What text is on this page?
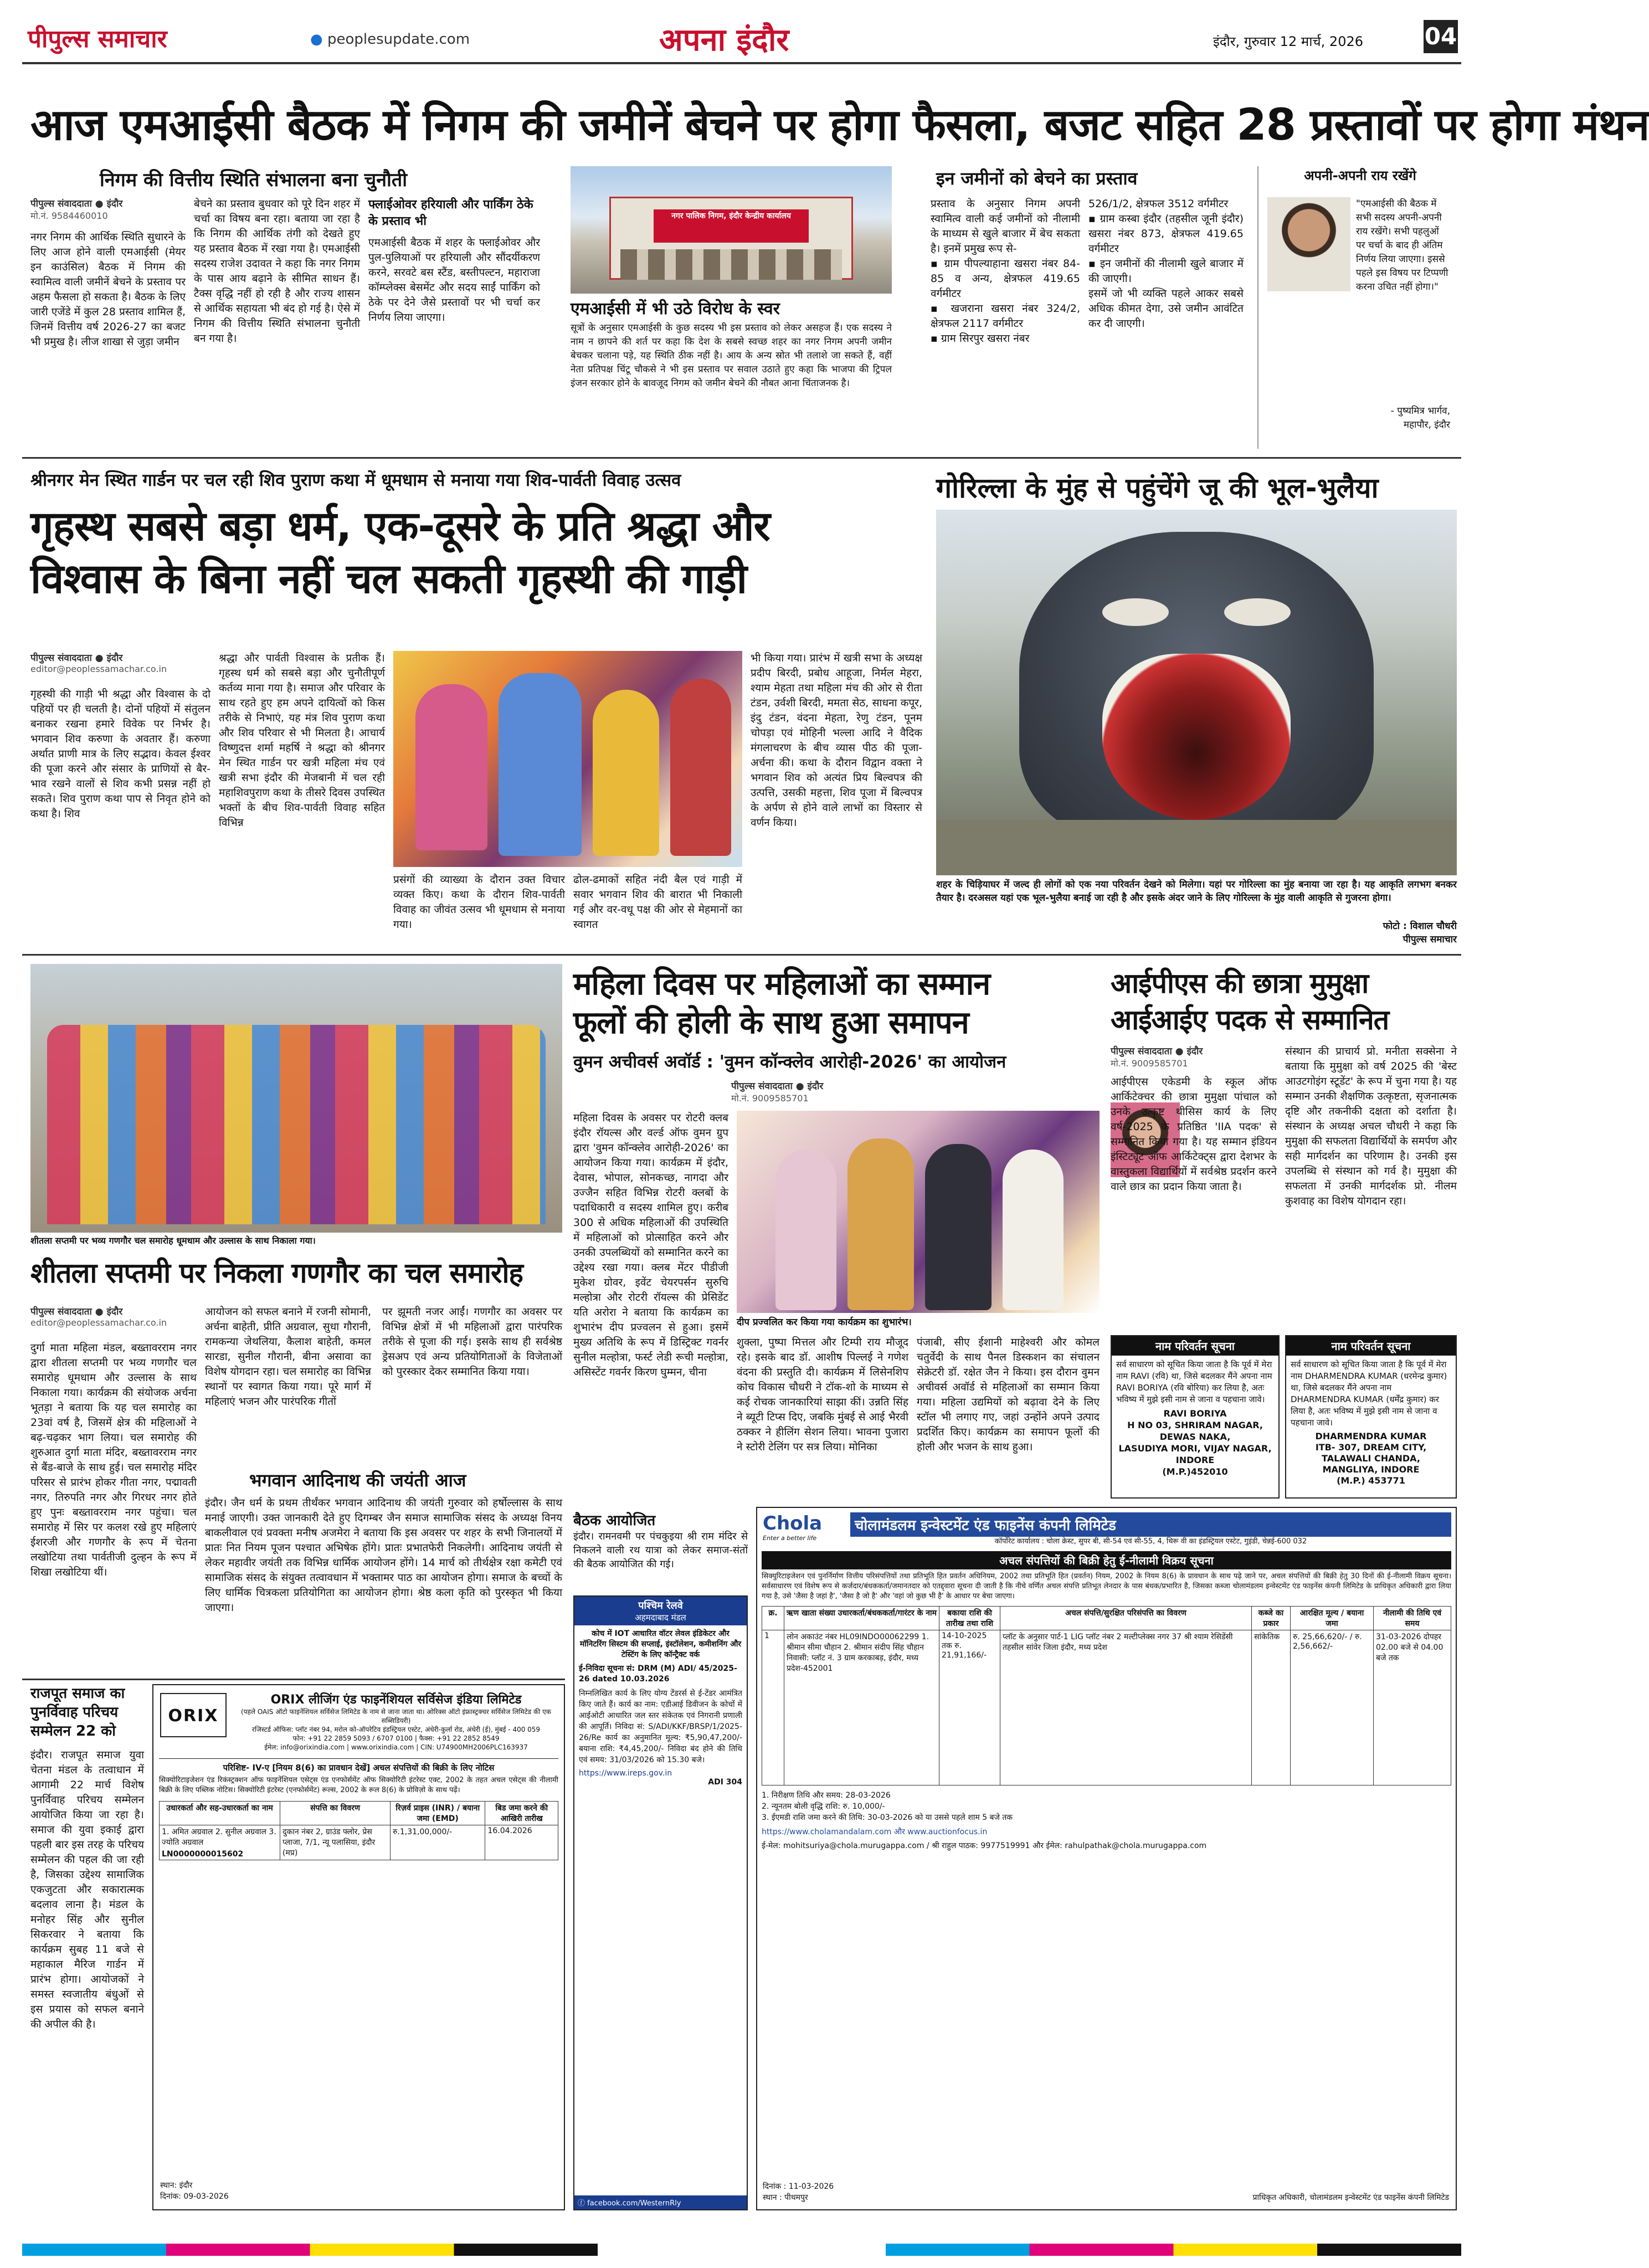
पीपुल्स समाचार	● peoplesupdate.com	अपना इंदौर	इंदौर, गुरुवार 12 मार्च, 2026	04
आज एमआईसी बैठक में निगम की जमीनें बेचने पर होगा फैसला, बजट सहित 28 प्रस्तावों पर होगा मंथन
निगम की वित्तीय स्थिति संभालना बना चुनौती
पीपुल्स संवाददाता ● इंदौर
मो.नं. 9584460010
नगर निगम की आर्थिक स्थिति सुधारने के लिए आज होने वाली एमआईसी (मेयर इन काउंसिल) बैठक में निगम की स्वामित्व वाली जमीनें बेचने के प्रस्ताव पर अहम फैसला हो सकता है। बैठक के लिए जारी एजेंडे में कुल 28 प्रस्ताव शामिल हैं, जिनमें वित्तीय वर्ष 2026-27 का बजट भी प्रमुख है। लीज शाखा से जुड़ा जमीन
बेचने का प्रस्ताव बुधवार को पूरे दिन शहर में चर्चा का विषय बना रहा। बताया जा रहा है कि निगम की आर्थिक तंगी को देखते हुए यह प्रस्ताव बैठक में रखा गया है। एमआईसी सदस्य राजेश उदावत ने कहा कि नगर निगम के पास आय बढ़ाने के सीमित साधन हैं। टैक्स वृद्धि नहीं हो रही है और राज्य शासन से आर्थिक सहायता भी बंद हो गई है। ऐसे में निगम की वित्तीय स्थिति संभालना चुनौती बन गया है।
फ्लाईओवर हरियाली और पार्किंग ठेके के प्रस्ताव भी
एमआईसी बैठक में शहर के फ्लाईओवर और पुल-पुलियाओं पर हरियाली और सौंदर्यीकरण करने, सरवटे बस स्टैंड, बस्तीपल्टन, महाराजा कॉम्प्लेक्स बेसमेंट और सदय साईं पार्किंग को ठेके पर देने जैसे प्रस्तावों पर भी चर्चा कर निर्णय लिया जाएगा।
नगर पालिक निगम, इंदौर केन्द्रीय कार्यालय
एमआईसी में भी उठे विरोध के स्वर
सूत्रों के अनुसार एमआईसी के कुछ सदस्य भी इस प्रस्ताव को लेकर असहज हैं। एक सदस्य ने नाम न छापने की शर्त पर कहा कि देश के सबसे स्वच्छ शहर का नगर निगम अपनी जमीन बेचकर चलाना पड़े, यह स्थिति ठीक नहीं है। आय के अन्य स्रोत भी तलाशे जा सकते हैं, वहीं नेता प्रतिपक्ष चिंटू चौकसे ने भी इस प्रस्ताव पर सवाल उठाते हुए कहा कि भाजपा की ट्रिपल इंजन सरकार होने के बावजूद निगम को जमीन बेचने की नौबत आना चिंताजनक है।
इन जमीनों को बेचने का प्रस्ताव
प्रस्ताव के अनुसार निगम अपनी स्वामित्व वाली कई जमीनों को नीलामी के माध्यम से खुले बाजार में बेच सकता है। इनमें प्रमुख रूप से-
▪ ग्राम पीपल्याहाना खसरा नंबर 84-85 व अन्य, क्षेत्रफल 419.65 वर्गमीटर
▪ खजराना खसरा नंबर 324/2, क्षेत्रफल 2117 वर्गमीटर
▪ ग्राम सिरपुर खसरा नंबर
526/1/2, क्षेत्रफल 3512 वर्गमीटर
▪ ग्राम कस्बा इंदौर (तहसील जूनी इंदौर) खसरा नंबर 873, क्षेत्रफल 419.65 वर्गमीटर
▪ इन जमीनों की नीलामी खुले बाजार में की जाएगी।
इसमें जो भी व्यक्ति पहले आकर सबसे अधिक कीमत देगा, उसे जमीन आवंटित कर दी जाएगी।
अपनी-अपनी राय रखेंगे
"एमआईसी की बैठक में सभी सदस्य अपनी-अपनी राय रखेंगे। सभी पहलुओं पर चर्चा के बाद ही अंतिम निर्णय लिया जाएगा। इससे पहले इस विषय पर टिप्पणी करना उचित नहीं होगा।"
- पुष्यमित्र भार्गव,
महापौर, इंदौर
श्रीनगर मेन स्थित गार्डन पर चल रही शिव पुराण कथा में धूमधाम से मनाया गया शिव-पार्वती विवाह उत्सव
गृहस्थ सबसे बड़ा धर्म, एक-दूसरे के प्रति श्रद्धा और
विश्वास के बिना नहीं चल सकती गृहस्थी की गाड़ी
पीपुल्स संवाददाता ● इंदौर
editor@peoplessamachar.co.in
गृहस्थी की गाड़ी भी श्रद्धा और विश्वास के दो पहियों पर ही चलती है। दोनों पहियों में संतुलन बनाकर रखना हमारे विवेक पर निर्भर है। भगवान शिव करुणा के अवतार हैं। करुणा अर्थात प्राणी मात्र के लिए सद्भाव। केवल ईश्वर की पूजा करने और संसार के प्राणियों से बैर-भाव रखने वालों से शिव कभी प्रसन्न नहीं हो सकते। शिव पुराण कथा पाप से निवृत होने को कथा है। शिव
श्रद्धा और पार्वती विश्वास के प्रतीक हैं। गृहस्थ धर्म को सबसे बड़ा और चुनौतीपूर्ण कर्तव्य माना गया है। समाज और परिवार के साथ रहते हुए हम अपने दायित्वों को किस तरीके से निभाएं, यह मंत्र शिव पुराण कथा और शिव परिवार से भी मिलता है। आचार्य विष्णुदत्त शर्मा महर्षि ने श्रद्धा को श्रीनगर मेन स्थित गार्डन पर खत्री महिला मंच एवं खत्री सभा इंदौर की मेजबानी में चल रही महाशिवपुराण कथा के तीसरे दिवस उपस्थित भक्तों के बीच शिव-पार्वती विवाह सहित विभिन्न
प्रसंगों की व्याख्या के दौरान उक्त विचार व्यक्त किए। कथा के दौरान शिव-पार्वती विवाह का जीवंत उत्सव भी धूमधाम से मनाया गया।
ढोल-ढमाकों सहित नंदी बैल एवं गाड़ी में सवार भगवान शिव की बारात भी निकाली गई और वर-वधू पक्ष की ओर से मेहमानों का स्वागत
भी किया गया। प्रारंभ में खत्री सभा के अध्यक्ष प्रदीप बिरदी, प्रबोध आहूजा, निर्मल मेहरा, श्याम मेहता तथा महिला मंच की ओर से रीता टंडन, उर्वशी बिरदी, ममता सेठ, साधना कपूर, इंदु टंडन, वंदना मेहता, रेणु टंडन, पूनम चोपड़ा एवं मोहिनी भल्ला आदि ने वैदिक मंगलाचरण के बीच व्यास पीठ की पूजा-अर्चना की। कथा के दौरान विद्वान वक्ता ने भगवान शिव को अत्यंत प्रिय बिल्वपत्र की उत्पत्ति, उसकी महत्ता, शिव पूजा में बिल्वपत्र के अर्पण से होने वाले लाभों का विस्तार से वर्णन किया।
गोरिल्ला के मुंह से पहुंचेंगे जू की भूल-भुलैया
शहर के चिड़ियाघर में जल्द ही लोगों को एक नया परिवर्तन देखने को मिलेगा। यहां पर गोरिल्ला का मुंह बनाया जा रहा है। यह आकृति लगभग बनकर तैयार है। दरअसल यहां एक भूल-भुलैया बनाई जा रही है और इसके अंदर जाने के लिए गोरिल्ला के मुंह वाली आकृति से गुजरना होगा।
फोटो : विशाल चौधरी
पीपुल्स समाचार
शीतला सप्तमी पर भव्य गणगौर चल समारोह धूमधाम और उल्लास के साथ निकाला गया।
शीतला सप्तमी पर निकला गणगौर का चल समारोह
पीपुल्स संवाददाता ● इंदौर
editor@peoplessamachar.co.in
दुर्गा माता महिला मंडल, बख्तावरराम नगर द्वारा शीतला सप्तमी पर भव्य गणगौर चल समारोह धूमधाम और उल्लास के साथ निकाला गया। कार्यक्रम की संयोजक अर्चना भूतड़ा ने बताया कि यह चल समारोह का 23वां वर्ष है, जिसमें क्षेत्र की महिलाओं ने बढ़-चढ़कर भाग लिया। चल समारोह की शुरुआत दुर्गा माता मंदिर, बख्तावरराम नगर से बैंड-बाजे के साथ हुई। चल समारोह मंदिर परिसर से प्रारंभ होकर गीता नगर, पद्मावती नगर, तिरुपति नगर और गिरधर नगर होते हुए पुनः बख्तावरराम नगर पहुंचा। चल समारोह में सिर पर कलश रखे हुए महिलाएं ईशरजी और गणगौर के रूप में चेतना लखोटिया तथा पार्वतीजी दुल्हन के रूप में शिखा लखोटिया थीं।
आयोजन को सफल बनाने में रजनी सोमानी, अर्चना बाहेती, प्रीति अग्रवाल, सुधा गौरानी, रामकन्या जेथलिया, कैलाश बाहेती, कमल सारडा, सुनील गौरानी, बीना असावा का विशेष योगदान रहा। चल समारोह का विभिन्न स्थानों पर स्वागत किया गया। पूरे मार्ग में महिलाएं भजन और पारंपरिक गीतों
पर झूमती नजर आईं। गणगौर का अवसर पर विभिन्न क्षेत्रों में भी महिलाओं द्वारा पारंपरिक तरीके से पूजा की गई। इसके साथ ही सर्वश्रेष्ठ ड्रेसअप एवं अन्य प्रतियोगिताओं के विजेताओं को पुरस्कार देकर सम्मानित किया गया।
भगवान आदिनाथ की जयंती आज
इंदौर। जैन धर्म के प्रथम तीर्थंकर भगवान आदिनाथ की जयंती गुरुवार को हर्षोल्लास के साथ मनाई जाएगी। उक्त जानकारी देते हुए दिगम्बर जैन समाज सामाजिक संसद के अध्यक्ष विनय बाकलीवाल एवं प्रवक्ता मनीष अजमेरा ने बताया कि इस अवसर पर शहर के सभी जिनालयों में प्रातः नित नियम पूजन पश्चात अभिषेक होंगे। प्रातः प्रभातफेरी निकलेगी। आदिनाथ जयंती से लेकर महावीर जयंती तक विभिन्न धार्मिक आयोजन होंगे। 14 मार्च को तीर्थक्षेत्र रक्षा कमेटी एवं सामाजिक संसद के संयुक्त तत्वावधान में भक्तामर पाठ का आयोजन होगा। समाज के बच्चों के लिए धार्मिक चित्रकला प्रतियोगिता का आयोजन होगा। श्रेष्ठ कला कृति को पुरस्कृत भी किया जाएगा।
महिला दिवस पर महिलाओं का सम्मान
फूलों की होली के साथ हुआ समापन
वुमन अचीवर्स अवॉर्ड : 'वुमन कॉन्क्लेव आरोही-2026' का आयोजन
पीपुल्स संवाददाता ● इंदौर
मो.नं. 9009585701
महिला दिवस के अवसर पर रोटरी क्लब इंदौर रॉयल्स और वर्ल्ड ऑफ वुमन ग्रुप द्वारा 'वुमन कॉन्क्लेव आरोही-2026' का आयोजन किया गया। कार्यक्रम में इंदौर, देवास, भोपाल, सोनकच्छ, नागदा और उज्जैन सहित विभिन्न रोटरी क्लबों के पदाधिकारी व सदस्य शामिल हुए। करीब 300 से अधिक महिलाओं की उपस्थिति में महिलाओं को प्रोत्साहित करने और उनकी उपलब्धियों को सम्मानित करने का उद्देश्य रखा गया। क्लब मेंटर पीडीजी मुकेश ग्रोवर, इवेंट चेयरपर्सन सुरुचि मल्होत्रा और रोटरी रॉयल्स की प्रेसिडेंट यति अरोरा ने बताया कि कार्यक्रम का शुभारंभ दीप प्रज्वलन से हुआ। इसमें मुख्य अतिथि के रूप में डिस्ट्रिक्ट गवर्नर सुनील मल्होत्रा, फर्स्ट लेडी रूची मल्होत्रा, असिस्टेंट गवर्नर किरण घुम्मन, चीना
दीप प्रज्वलित कर किया गया कार्यक्रम का शुभारंभ।
शुक्ला, पुष्पा मित्तल और टिम्पी राय मौजूद रहे। इसके बाद डॉ. आशीष पिल्लई ने गणेश वंदना की प्रस्तुति दी। कार्यक्रम में लिसेनशिप कोच विकास चौधरी ने टॉक-शो के माध्यम से कई रोचक जानकारियां साझा कीं। उन्नति सिंह ने ब्यूटी टिप्स दिए, जबकि मुंबई से आई भैरवी ठक्कर ने हीलिंग सेशन लिया। भावना पुजारा ने स्टोरी टेलिंग पर सत्र लिया। मोनिका
पंजाबी, सीए ईशानी माहेश्वरी और कोमल चतुर्वेदी के साथ पैनल डिस्कशन का संचालन सेक्रेटरी डॉ. रक्षेत जैन ने किया। इस दौरान वुमन अचीवर्स अवॉर्ड से महिलाओं का सम्मान किया गया। महिला उद्यमियों को बढ़ावा देने के लिए स्टॉल भी लगाए गए, जहां उन्होंने अपने उत्पाद प्रदर्शित किए। कार्यक्रम का समापन फूलों की होली और भजन के साथ हुआ।
आईपीएस की छात्रा मुमुक्षा
आईआईए पदक से सम्मानित
पीपुल्स संवाददाता ● इंदौर
मो.नं. 9009585701
आईपीएस एकेडमी के स्कूल ऑफ आर्किटेक्चर की छात्रा मुमुक्षा पांचाल को उनके उत्कृष्ट थीसिस कार्य के लिए वर्ष-2025 के प्रतिष्ठित 'IIA पदक' से सम्मानित किया गया है। यह सम्मान इंडियन इंस्टिट्यूट ऑफ आर्किटेक्ट्स द्वारा देशभर के वास्तुकला विद्यार्थियों में सर्वश्रेष्ठ प्रदर्शन करने वाले छात्र का प्रदान किया जाता है।
संस्थान की प्राचार्य प्रो. मनीता सक्सेना ने बताया कि मुमुक्षा को वर्ष 2025 की 'बेस्ट आउटगोइंग स्टूडेंट' के रूप में चुना गया है। यह सम्मान उनकी शैक्षणिक उत्कृष्टता, सृजनात्मक दृष्टि और तकनीकी दक्षता को दर्शाता है। संस्थान के अध्यक्ष अचल चौधरी ने कहा कि मुमुक्षा की सफलता विद्यार्थियों के समर्पण और सही मार्गदर्शन का परिणाम है। उनकी इस उपलब्धि से संस्थान को गर्व है। मुमुक्षा की सफलता में उनकी मार्गदर्शक प्रो. नीलम कुशवाह का विशेष योगदान रहा।
नाम परिवर्तन सूचना
सर्व साधारण को सूचित किया जाता है कि पूर्व में मेरा नाम RAVI (रवि) था, जिसे बदलकर मैंने अपना नाम RAVI BORIYA (रवि बोरिया) कर लिया है, अतः भविष्य में मुझे इसी नाम से जाना व पहचाना जावे।
RAVI BORIYA
H NO 03, SHRIRAM NAGAR, DEWAS NAKA,
LASUDIYA MORI, VIJAY NAGAR, INDORE
(M.P.)452010
नाम परिवर्तन सूचना
सर्व साधारण को सूचित किया जाता है कि पूर्व में मेरा नाम DHARMENDRA KUMAR (धरमेन्द्र कुमार) था, जिसे बदलकर मैंने अपना नाम DHARMENDRA KUMAR (धर्मेंद्र कुमार) कर लिया है, अतः भविष्य में मुझे इसी नाम से जाना व पहचाना जावे।
DHARMENDRA KUMAR
ITB- 307, DREAM CITY,
TALAWALI CHANDA,
MANGLIYA, INDORE
(M.P.) 453771
राजपूत समाज का पुनर्विवाह परिचय सम्मेलन 22 को
इंदौर। राजपूत समाज युवा चेतना मंडल के तत्वाधान में आगामी 22 मार्च विशेष पुनर्विवाह परिचय सम्मेलन आयोजित किया जा रहा है। समाज की युवा इकाई द्वारा पहली बार इस तरह के परिचय सम्मेलन की पहल की जा रही है, जिसका उद्देश्य सामाजिक एकजुटता और सकारात्मक बदलाव लाना है। मंडल के मनोहर सिंह और सुनील सिकरवार ने बताया कि कार्यक्रम सुबह 11 बजे से महाकाल मैरिज गार्डन में प्रारंभ होगा। आयोजकों ने समस्त स्वजातीय बंधुओं से इस प्रयास को सफल बनाने की अपील की है।
ORIX
ORIX लीजिंग एंड फाइनेंशियल सर्विसेज इंडिया लिमिटेड
(पहले OAIS ऑटो फाइनेंशियल सर्विसेज लिमिटेड के नाम से जाना जाता था। ओरिक्स ऑटो इंफ्रास्ट्रक्चर सर्विसेज लिमिटेड की एक सब्सिडियरी)
रजिस्टर्ड ऑफिस: प्लॉट नंबर 94, मरोल को-ऑपरेटिव इंडस्ट्रियल एस्टेट, अंधेरी-कुर्ला रोड, अंधेरी (ई), मुंबई - 400 059
फोन: +91 22 2859 5093 / 6707 0100 | फैक्स: +91 22 2852 8549
ईमेल: info@orixindia.com | www.orixindia.com | CIN: U74900MH2006PLC163937
परिशिष्ट- IV-ए [नियम 8(6) का प्रावधान देखें] अचल संपत्तियों की बिक्री के लिए नोटिस
सिक्योरिटाइजेशन एंड रिकंस्ट्रक्शन ऑफ फाइनेंशियल एसेट्स एंड एनफोर्समेंट ऑफ सिक्योरिटी इंटरेस्ट एक्ट, 2002 के तहत अचल एसेट्स की नीलामी बिक्री के लिए पब्लिक नोटिस। सिक्योरिटी इंटरेस्ट (एनफोर्समेंट) रूल्स, 2002 के रूल 8(6) के प्रोविज़ो के साथ पढ़ें।
उधारकर्ता और सह-उधारकर्ता का नाम	संपत्ति का विवरण	रिज़र्व प्राइस (INR) / बयाना जमा (EMD)	बिड जमा करने की आखिरी तारीख

1. अमित अग्रवाल 2. सुनील अग्रवाल 3. ज्योति अग्रवाल
LN0000000015602	दुकान नंबर 2, ग्राउंड फ्लोर, प्रेस प्लाजा, 7/1, न्यू पलासिया, इंदौर (मप्र)	रु.1,31,00,000/-	16.04.2026
दिनांक: 09-03-2026
स्थान: इंदौर
पश्चिम रेलवे
अहमदाबाद मंडल
कोच में IOT आधारित वॉटर लेवल इंडिकेटर और मॉनिटरिंग सिस्टम की सप्लाई, इंस्टॉलेशन, कमीशनिंग और टेस्टिंग के लिए कॉन्ट्रैक्ट वर्क
ई-निविदा सूचना सं: DRM (M) ADI/ 45/2025-26 dated 10.03.2026
निम्नलिखित कार्य के लिए योग्य टेंडरर्स से ई-टेंडर आमंत्रित किए जाते हैं। कार्य का नाम: एडीआई डिवीजन के कोचों में आईओटी आधारित जल स्तर संकेतक एवं निगरानी प्रणाली की आपूर्ति। निविदा सं: S/ADI/KKF/BRSP/1/2025-26/Re कार्य का अनुमानित मूल्य: ₹5,90,47,200/- बयाना राशि: ₹4,45,200/- निविदा बंद होने की तिथि एवं समय: 31/03/2026 को 15.30 बजे।
https://www.ireps.gov.in
ADI 304
ⓕ facebook.com/WesternRly
Chola
Enter a better life
चोलामंडलम इन्वेस्टमेंट एंड फाइनेंस कंपनी लिमिटेड
कॉर्पोरेट कार्यालय : चोला क्रेस्ट, सुपर बी, सी-54 एवं सी-55, 4, थिरू वी का इंडस्ट्रियल एस्टेट, गुइंडी, चेन्नई-600 032
अचल संपत्तियों की बिक्री हेतु ई-नीलामी विक्रय सूचना
सिक्युरिटाइजेशन एवं पुनर्निर्माण वित्तीय परिसंपत्तियों तथा प्रतिभूति हित प्रवर्तन अधिनियम, 2002 तथा प्रतिभूति हित (प्रवर्तन) नियम, 2002 के नियम 8(6) के प्रावधान के साथ पढ़े जाने पर, अचल संपत्तियों की बिक्री हेतु 30 दिनों की ई-नीलामी विक्रय सूचना। सर्वसाधारण एवं विशेष रूप से कर्जदार/बंधककर्ता/जमानतदार को एतद्द्वारा सूचना दी जाती है कि नीचे वर्णित अचल संपत्ति प्रतिभूत लेनदार के पास बंधक/प्रभारित है, जिसका कब्जा चोलामंडलम इन्वेस्टमेंट एंड फाइनेंस कंपनी लिमिटेड के प्राधिकृत अधिकारी द्वारा लिया गया है, उसे 'जैसा है जहां है', 'जैसा है जो है' और 'वहां जो कुछ भी है' के आधार पर बेचा जाएगा।
क्र.	ऋण खाता संख्या उधारकर्ता/बंधककर्ता/गारंटर के नाम	बकाया राशि की तारीख तथा राशि	अचल संपत्ति/सुरक्षित परिसंपत्ति का विवरण	कब्जे का प्रकार	आरक्षित मूल्य / बयाना जमा	नीलामी की तिथि एवं समय
1	लोन अकाउंट नंबर HL09INDO00062299 1. श्रीमान सीमा चौहान 2. श्रीमान संदीप सिंह चौहान निवासी: प्लॉट नं. 3 ग्राम करकाबड़, इंदौर, मध्य प्रदेश-452001	14-10-2025 तक रु. 21,91,166/-	प्लॉट के अनुसार पार्ट-1 LIG प्लॉट नंबर 2 मल्टीप्लेक्स नगर 37 श्री श्याम रेसिडेंसी तहसील सांवेर जिला इंदौर, मध्य प्रदेश	सांकेतिक	रु. 25,66,620/- / रु. 2,56,662/-	31-03-2026 दोपहर 02.00 बजे से 04.00 बजे तक
1. निरीक्षण तिथि और समय: 28-03-2026
2. न्यूनतम बोली वृद्धि राशि: रु. 10,000/-
3. ईएमडी राशि जमा करने की तिथि: 30-03-2026 को या उससे पहले शाम 5 बजे तक
https://www.cholamandalam.com और www.auctionfocus.in
ई-मेल: mohitsuriya@chola.murugappa.com / श्री राहुल पाठक: 9977519991 और ईमेल: rahulpathak@chola.murugappa.com
दिनांक : 11-03-2026
स्थान : पीथमपुर	प्राधिकृत अधिकारी, चोलामंडलम इन्वेस्टमेंट एंड फाइनेंस कंपनी लिमिटेड
बैठक आयोजित
इंदौर। रामनवमी पर पंचकुइया श्री राम मंदिर से निकलने वाली रथ यात्रा को लेकर समाज-संतों की बैठक आयोजित की गई।
